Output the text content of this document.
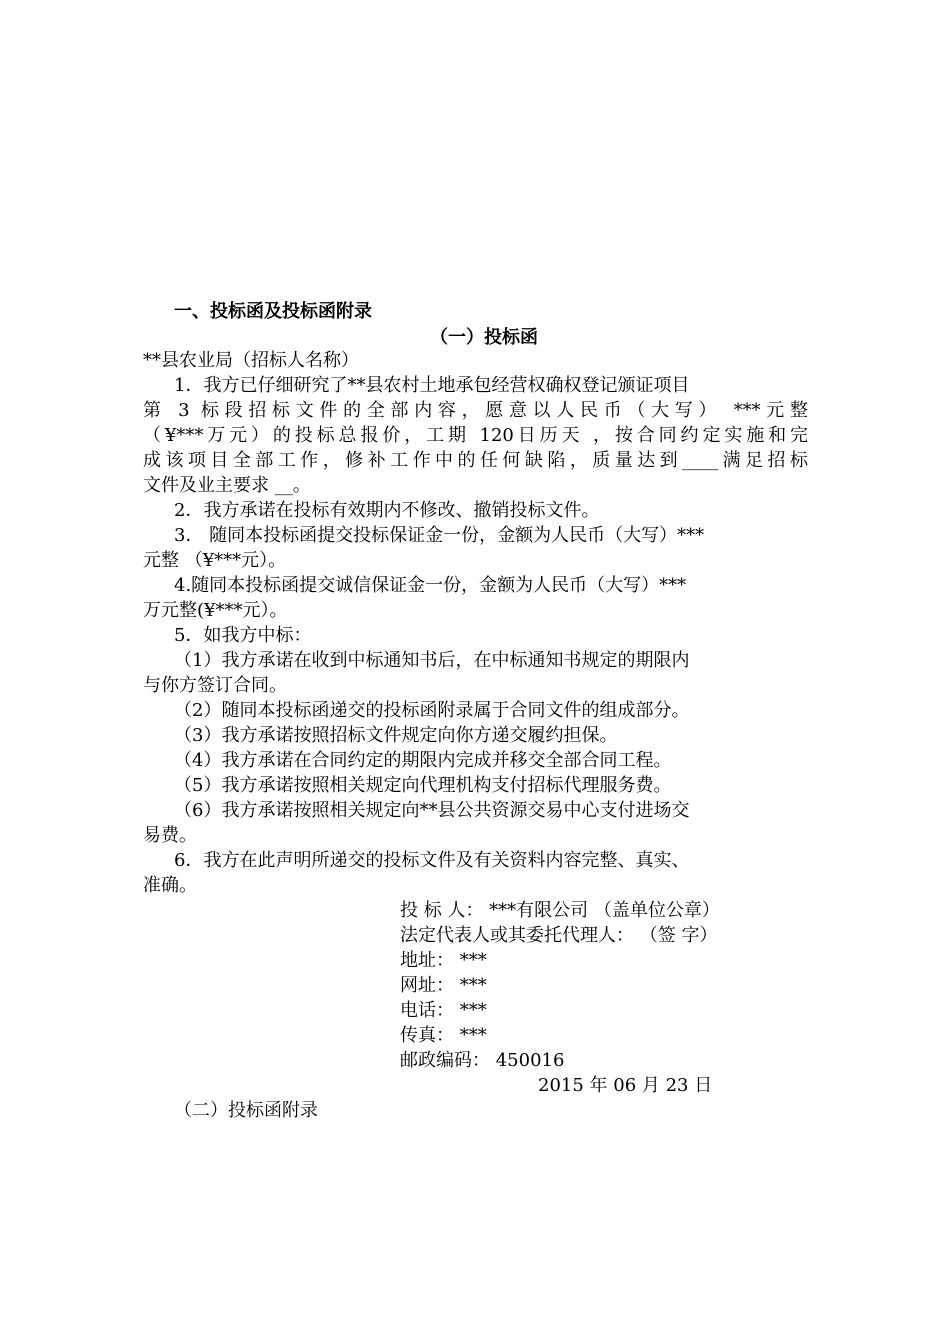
一、投标函及投标函附录
（一）投标函
**县农业局（招标人名称）
1．我方已仔细研究了**县农村土地承包经营权确权登记颁证项目
第 3 标段招标文件的全部内容，愿意以人民币（大写） ***元整
（¥***万元）的投标总报价，工期 120日历天 ，按合同约定实施和完
成该项目全部工作，修补工作中的任何缺陷，质量达到____满足招标
文件及业主要求 __。
2．我方承诺在投标有效期内不修改、撤销投标文件。
3． 随同本投标函提交投标保证金一份，金额为人民币（大写）***
元整 （¥***元）。
4.随同本投标函提交诚信保证金一份，金额为人民币（大写）***
万元整(¥***元）。
5．如我方中标：
（1）我方承诺在收到中标通知书后，在中标通知书规定的期限内
与你方签订合同。
（2）随同本投标函递交的投标函附录属于合同文件的组成部分。
（3）我方承诺按照招标文件规定向你方递交履约担保。
（4）我方承诺在合同约定的期限内完成并移交全部合同工程。
（5）我方承诺按照相关规定向代理机构支付招标代理服务费。
（6）我方承诺按照相关规定向**县公共资源交易中心支付进场交
易费。
6．我方在此声明所递交的投标文件及有关资料内容完整、真实、
准确。
投 标 人： ***有限公司 （盖单位公章）
法定代表人或其委托代理人： （签 字）
地址： ***
网址： ***
电话： ***
传真： ***
邮政编码： 450016
2015 年 06 月 23 日
（二）投标函附录
